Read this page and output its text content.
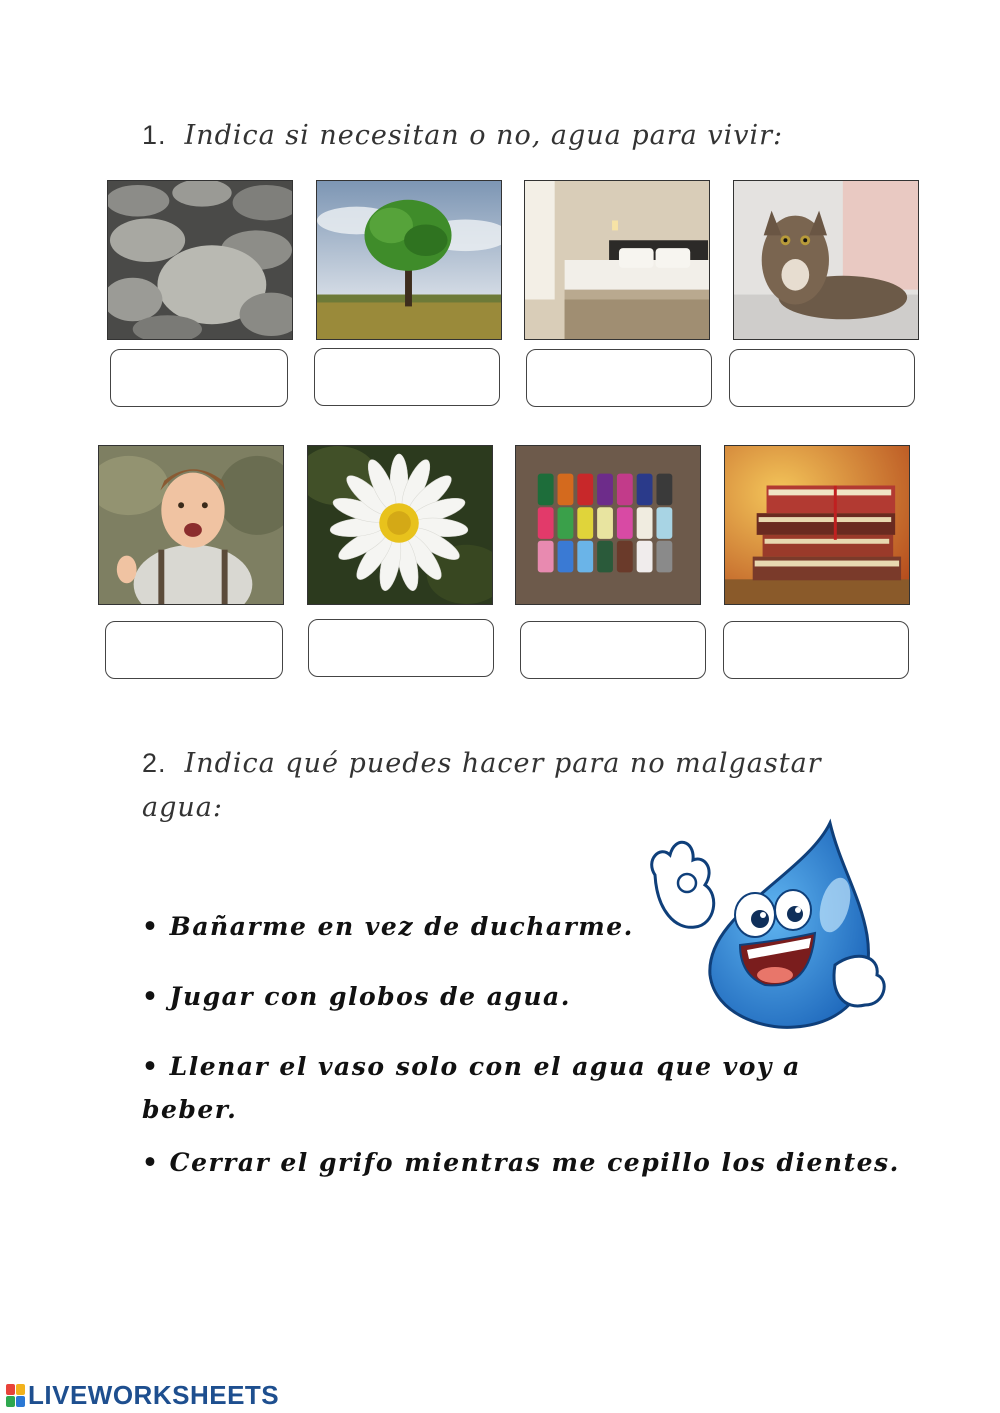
1. Indica si necesitan o no, agua para vivir:
2. Indica qué puedes hacer para no malgastar
agua:
• Bañarme en vez de ducharme.
• Jugar con globos de agua.
• Llenar el vaso solo con el agua que voy a
beber.
• Cerrar el grifo mientras me cepillo los dientes.
LIVEWORKSHEETS
